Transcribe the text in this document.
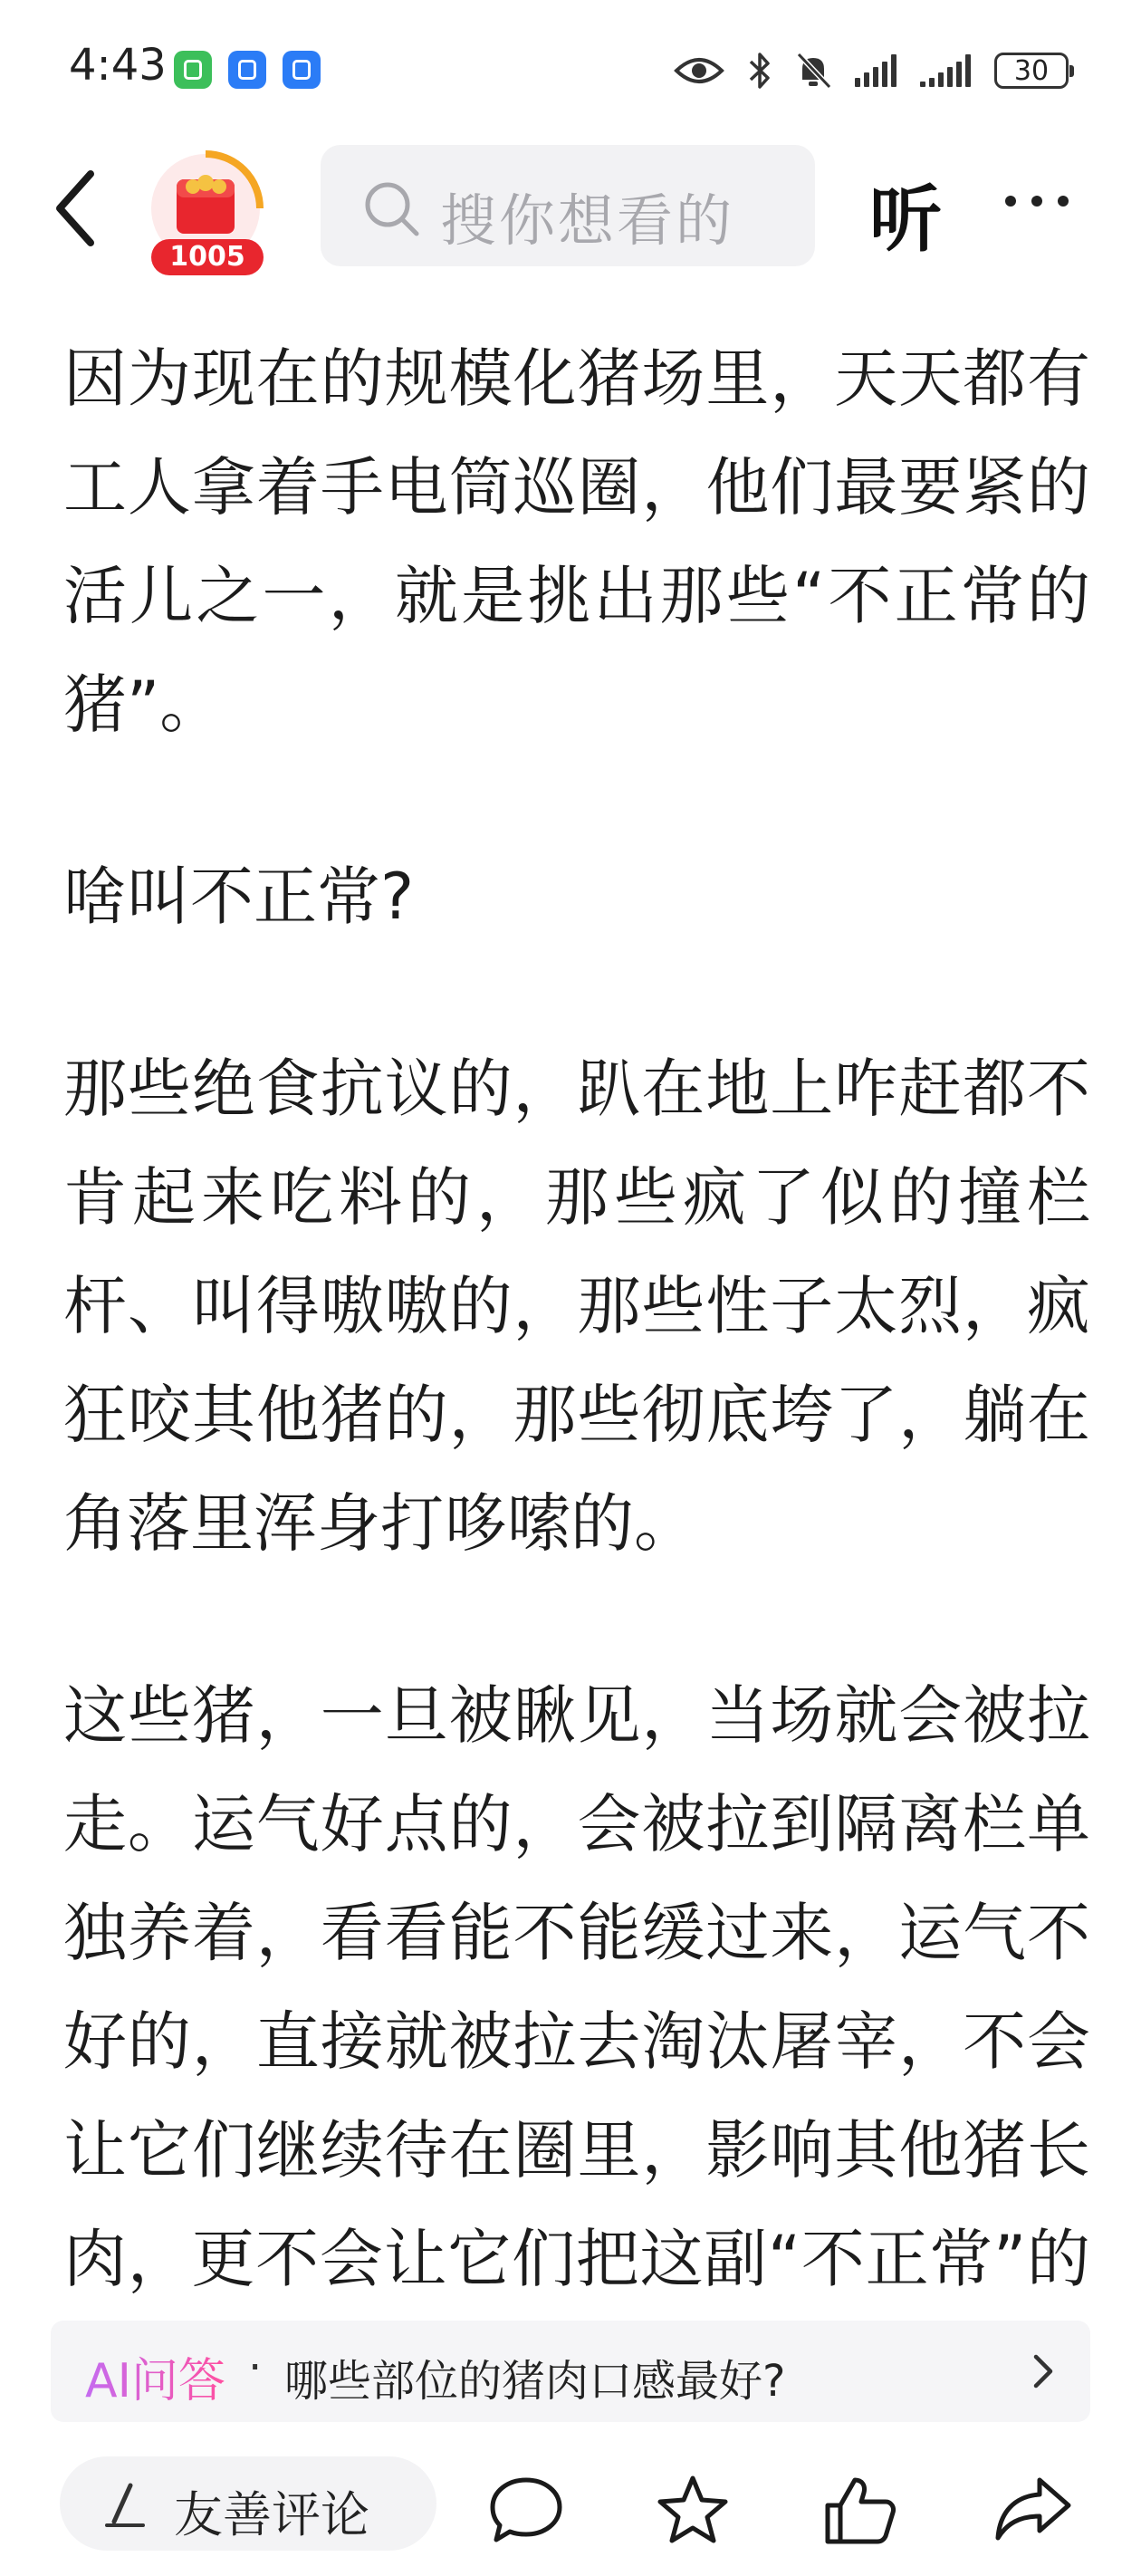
4:43	30
1005
搜你想看的 听

因为现在的规模化猪场里，天天都有工人拿着手电筒巡圈，他们最要紧的活儿之一，就是挑出那些“不正常的猪”。

啥叫不正常?

那些绝食抗议的，趴在地上咋赶都不肯起来吃料的，那些疯了似的撞栏杆、叫得嗷嗷的，那些性子太烈，疯狂咬其他猪的，那些彻底垮了，躺在角落里浑身打哆嗦的。

这些猪，一旦被瞅见，当场就会被拉走。运气好点的，会被拉到隔离栏单独养着，看看能不能缓过来，运气不好的，直接就被拉去淘汰屠宰，不会让它们继续待在圈里，影响其他猪长肉，更不会让它们把这副“不正常”的

AI问答 · 哪些部位的猪肉口感最好?
友善评论
